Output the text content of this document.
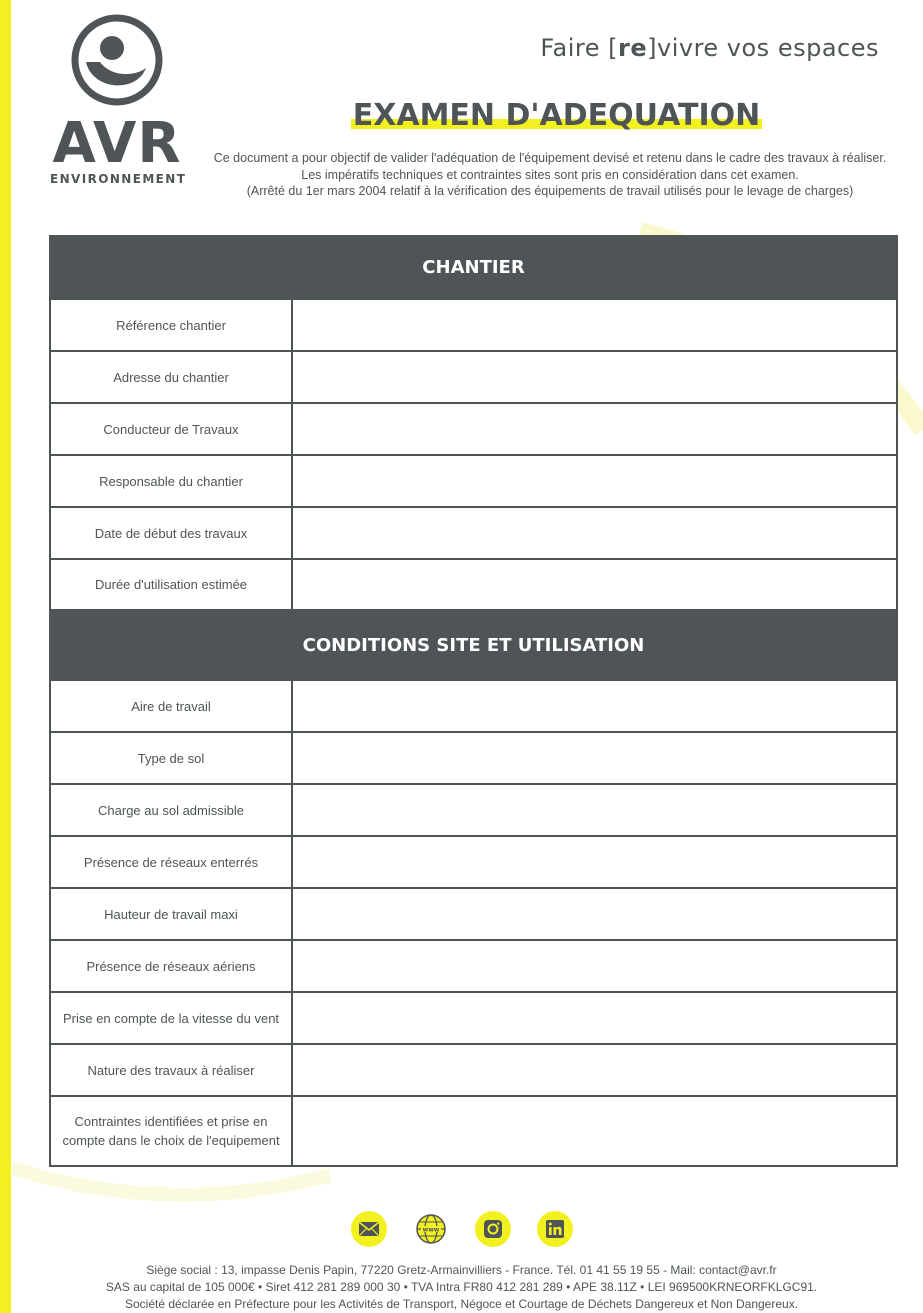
AVR
ENVIRONNEMENT
Faire [re]vivre vos espaces
EXAMEN D'ADEQUATION
Ce document a pour objectif de valider l'adéquation de l'équipement devisé et retenu dans le cadre des travaux à réaliser.
Les impératifs techniques et contraintes sites sont pris en considération dans cet examen.
(Arrêté du 1er mars 2004 relatif à la vérification des équipements de travail utilisés pour le levage de charges)
CHANTIER	
Référence chantier	
Adresse du chantier	
Conducteur de Travaux	
Responsable du chantier	
Date de début des travaux	
Durée d'utilisation estimée	
CONDITIONS SITE ET UTILISATION	
Aire de travail	
Type de sol	
Charge au sol admissible	
Présence de réseaux enterrés	
Hauteur de travail maxi	
Présence de réseaux aériens	
Prise en compte de la vitesse du vent	
Nature des travaux à réaliser	
Contraintes identifiées et prise en compte dans le choix de l'equipement	

www

Siège social : 13, impasse Denis Papin, 77220 Gretz-Armainvilliers - France. Tél. 01 41 55 19 55 - Mail: contact@avr.fr
SAS au capital de 105 000€ • Siret 412 281 289 000 30 • TVA Intra FR80 412 281 289 • APE 38.11Z • LEI 969500KRNEORFKLGC91.
Société déclarée en Préfecture pour les Activités de Transport, Négoce et Courtage de Déchets Dangereux et Non Dangereux.
